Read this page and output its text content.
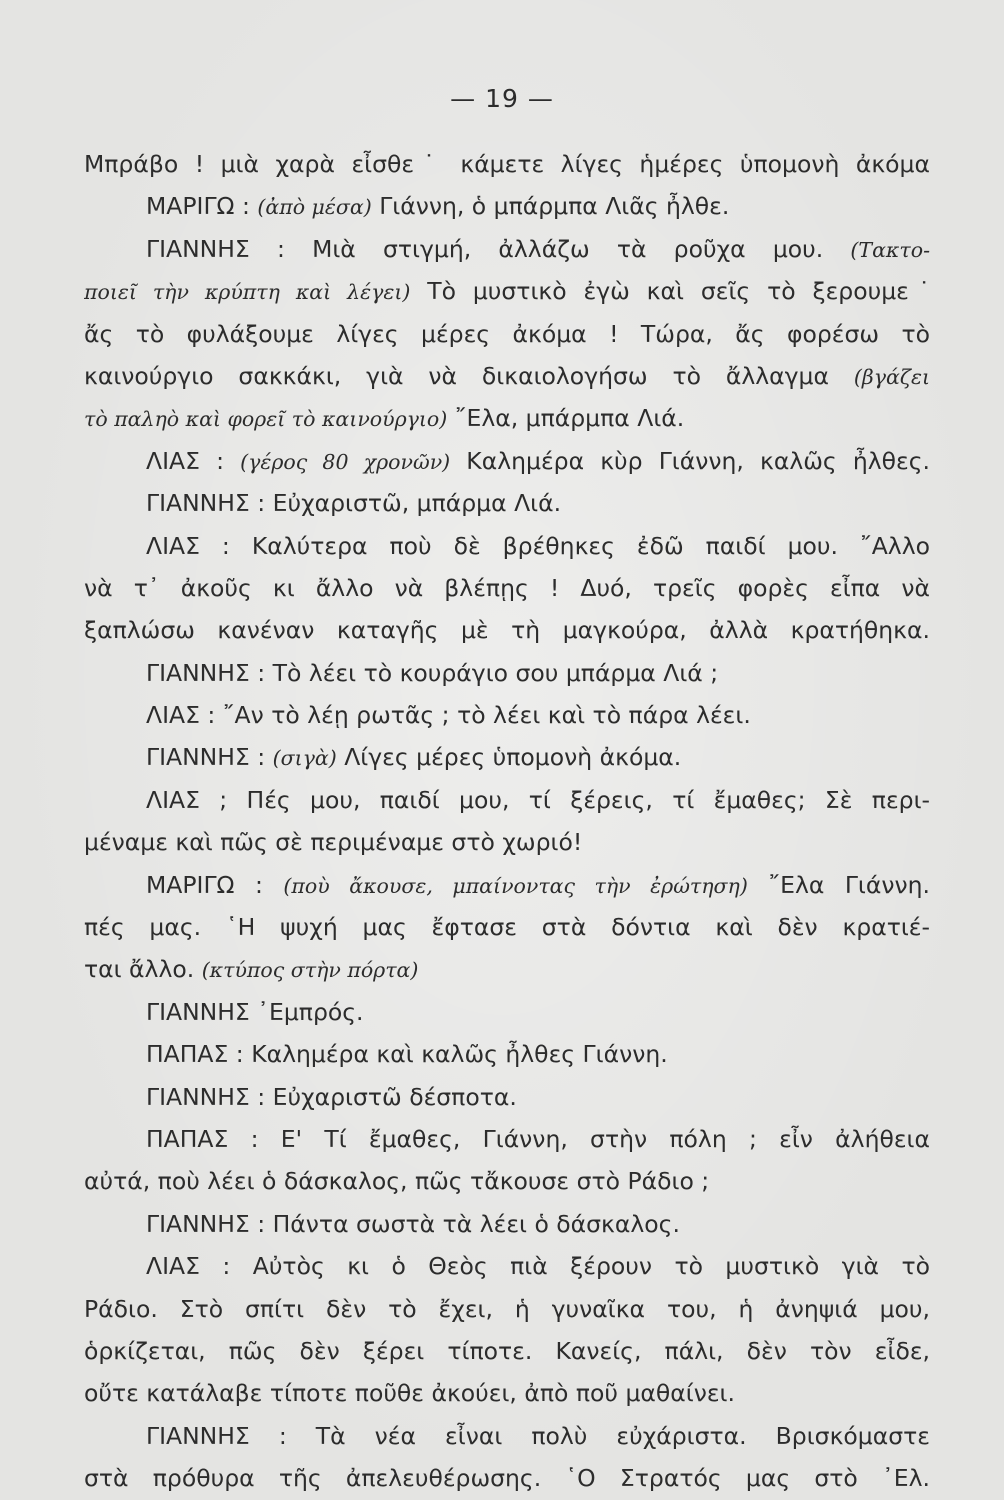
— 19 —
Μπράβο ! μιὰ χαρὰ εἶσθε˙ κάμετε λίγες ἡμέρες ὑπομονὴ ἀκόμα
ΜΑΡΙΓΩ : (ἀπὸ μέσα) Γιάννη, ὁ μπάρμπα Λιᾶς ἦλθε.
ΓΙΑΝΝΗΣ : Μιὰ στιγμή, ἀλλάζω τὰ ροῦχα μου. (Τακτο-
ποιεῖ τὴν κρύπτη καὶ λέγει) Τὸ μυστικὸ ἐγὼ καὶ σεῖς τὸ ξερουμε˙
ἄς τὸ φυλάξουμε λίγες μέρες ἀκόμα ! Τώρα, ἄς φορέσω τὸ
καινούργιο σακκάκι, γιὰ νὰ δικαιολογήσω τὸ ἄλλαγμα (βγάζει
τὸ παληὸ καὶ φορεῖ τὸ καινούργιο) ῎Ελα, μπάρμπα Λιά.
ΛΙΑΣ : (γέρος 80 χρονῶν) Καλημέρα κὺρ Γιάννη, καλῶς ἦλθες.
ΓΙΑΝΝΗΣ : Εὐχαριστῶ, μπάρμα Λιά.
ΛΙΑΣ : Καλύτερα ποὺ δὲ βρέθηκες ἐδῶ παιδί μου. ῎Αλλο
νὰ τ᾿ ἀκοῦς κι ἄλλο νὰ βλέπῃς ! Δυό, τρεῖς φορὲς εἶπα νὰ
ξαπλώσω κανέναν καταγῆς μὲ τὴ μαγκούρα, ἀλλὰ κρατήθηκα.
ΓΙΑΝΝΗΣ : Τὸ λέει τὸ κουράγιο σου μπάρμα Λιά ;
ΛΙΑΣ : ῎Αν τὸ λέῃ ρωτᾶς ; τὸ λέει καὶ τὸ πάρα λέει.
ΓΙΑΝΝΗΣ : (σιγὰ) Λίγες μέρες ὑπομονὴ ἀκόμα.
ΛΙΑΣ ; Πές μου, παιδί μου, τί ξέρεις, τί ἔμαθες; Σὲ περι-
μέναμε καὶ πῶς σὲ περιμέναμε στὸ χωριό!
ΜΑΡΙΓΩ : (ποὺ ἄκουσε, μπαίνοντας τὴν ἐρώτηση) ῎Ελα Γιάννη.
πές μας. ῾Η ψυχή μας ἔφτασε στὰ δόντια καὶ δὲν κρατιέ-
ται ἄλλο. (κτύπος στὴν πόρτα)
ΓΙΑΝΝΗΣ ᾿Εμπρός.
ΠΑΠΑΣ : Καλημέρα καὶ καλῶς ἦλθες Γιάννη.
ΓΙΑΝΝΗΣ : Εὐχαριστῶ δέσποτα.
ΠΑΠΑΣ : Ε' Τί ἔμαθες, Γιάννη, στὴν πόλη ; εἶν ἀλήθεια
αὐτά, ποὺ λέει ὁ δάσκαλος, πῶς τἄκουσε στὸ Ράδιο ;
ΓΙΑΝΝΗΣ : Πάντα σωστὰ τὰ λέει ὁ δάσκαλος.
ΛΙΑΣ : Αὐτὸς κι ὁ Θεὸς πιὰ ξέρουν τὸ μυστικὸ γιὰ τὸ
Ράδιο. Στὸ σπίτι δὲν τὸ ἔχει, ἡ γυναῖκα του, ἡ ἀνηψιά μου,
ὁρκίζεται, πῶς δὲν ξέρει τίποτε. Κανείς, πάλι, δὲν τὸν εἶδε,
οὔτε κατάλαβε τίποτε ποῦθε ἀκούει, ἀπὸ ποῦ μαθαίνει.
ΓΙΑΝΝΗΣ : Τὰ νέα εἶναι πολὺ εὐχάριστα. Βρισκόμαστε
στὰ πρόθυρα τῆς ἀπελευθέρωσης. ῾Ο Στρατός μας στὸ ᾿Ελ.
